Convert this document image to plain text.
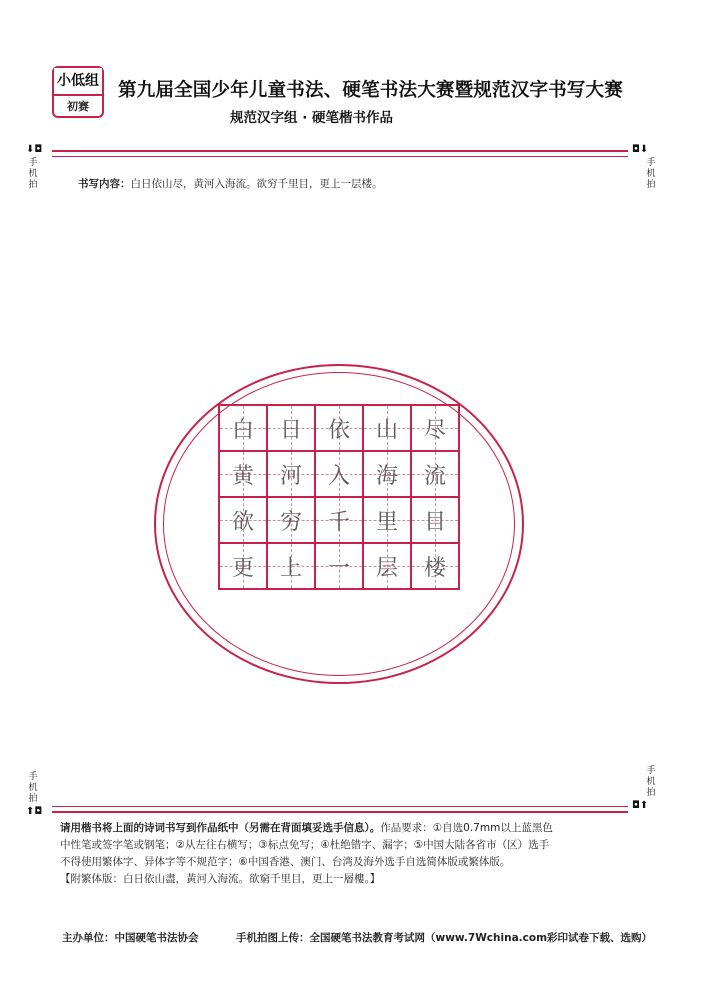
小低组
初赛
第九届全国少年儿童书法、硬笔书法大赛暨规范汉字书写大赛
规范汉字组 · 硬笔楷书作品
⬇◘
手机拍
◘⬇
手机拍
书写内容：白日依山尽，黄河入海流。欲穷千里目，更上一层楼。
白 日 依 山 尽
黄 河 入 海 流
欲 穷 千 里 目
更 上 一 层 楼
手机拍
⬆◘
手机拍
◘⬆
请用楷书将上面的诗词书写到作品纸中（另需在背面填妥选手信息）。作品要求：①自选0.7mm以上蓝黑色
中性笔或签字笔或钢笔；②从左往右横写；③标点免写；④杜绝错字、漏字；⑤中国大陆各省市（区）选手
不得使用繁体字、异体字等不规范字；⑥中国香港、澳门、台湾及海外选手自选简体版或繁体版。
【附繁体版：白日依山盡，黃河入海流。欲窮千里目，更上一層樓。】
主办单位：中国硬笔书法协会	手机拍图上传：全国硬笔书法教育考试网（www.7Wchina.com彩印试卷下载、选购）
